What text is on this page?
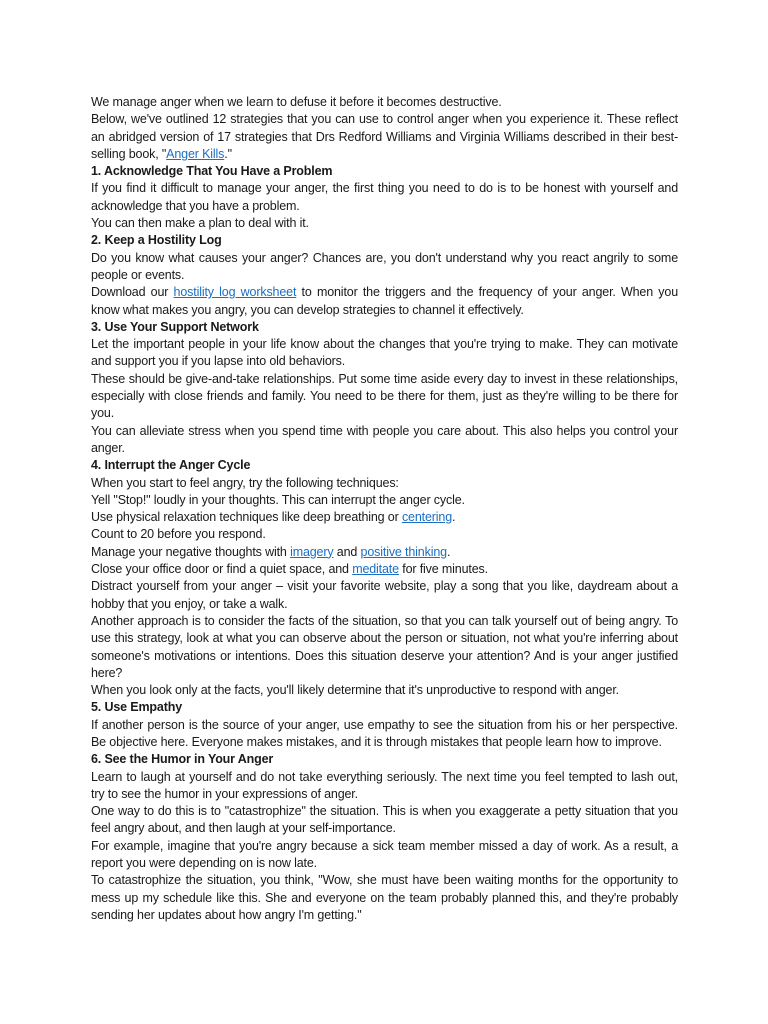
We manage anger when we learn to defuse it before it becomes destructive.

Below, we've outlined 12 strategies that you can use to control anger when you experience it. These reflect an abridged version of 17 strategies that Drs Redford Williams and Virginia Williams described in their best-selling book, "Anger Kills."

1. Acknowledge That You Have a Problem

If you find it difficult to manage your anger, the first thing you need to do is to be honest with yourself and acknowledge that you have a problem.

You can then make a plan to deal with it.

2. Keep a Hostility Log

Do you know what causes your anger? Chances are, you don't understand why you react angrily to some people or events.

Download our hostility log worksheet to monitor the triggers and the frequency of your anger. When you know what makes you angry, you can develop strategies to channel it effectively.

3. Use Your Support Network

Let the important people in your life know about the changes that you're trying to make. They can motivate and support you if you lapse into old behaviors.

These should be give-and-take relationships. Put some time aside every day to invest in these relationships, especially with close friends and family. You need to be there for them, just as they're willing to be there for you.

You can alleviate stress when you spend time with people you care about. This also helps you control your anger.

4. Interrupt the Anger Cycle

When you start to feel angry, try the following techniques:

Yell "Stop!" loudly in your thoughts. This can interrupt the anger cycle.

Use physical relaxation techniques like deep breathing or centering.

Count to 20 before you respond.

Manage your negative thoughts with imagery and positive thinking.

Close your office door or find a quiet space, and meditate for five minutes.

Distract yourself from your anger – visit your favorite website, play a song that you like, daydream about a hobby that you enjoy, or take a walk.

Another approach is to consider the facts of the situation, so that you can talk yourself out of being angry. To use this strategy, look at what you can observe about the person or situation, not what you're inferring about someone's motivations or intentions. Does this situation deserve your attention? And is your anger justified here?

When you look only at the facts, you'll likely determine that it's unproductive to respond with anger.

5. Use Empathy

If another person is the source of your anger, use empathy to see the situation from his or her perspective. Be objective here. Everyone makes mistakes, and it is through mistakes that people learn how to improve.

6. See the Humor in Your Anger

Learn to laugh at yourself and do not take everything seriously. The next time you feel tempted to lash out, try to see the humor in your expressions of anger.

One way to do this is to "catastrophize" the situation. This is when you exaggerate a petty situation that you feel angry about, and then laugh at your self-importance.

For example, imagine that you're angry because a sick team member missed a day of work. As a result, a report you were depending on is now late.

To catastrophize the situation, you think, "Wow, she must have been waiting months for the opportunity to mess up my schedule like this. She and everyone on the team probably planned this, and they're probably sending her updates about how angry I'm getting."
